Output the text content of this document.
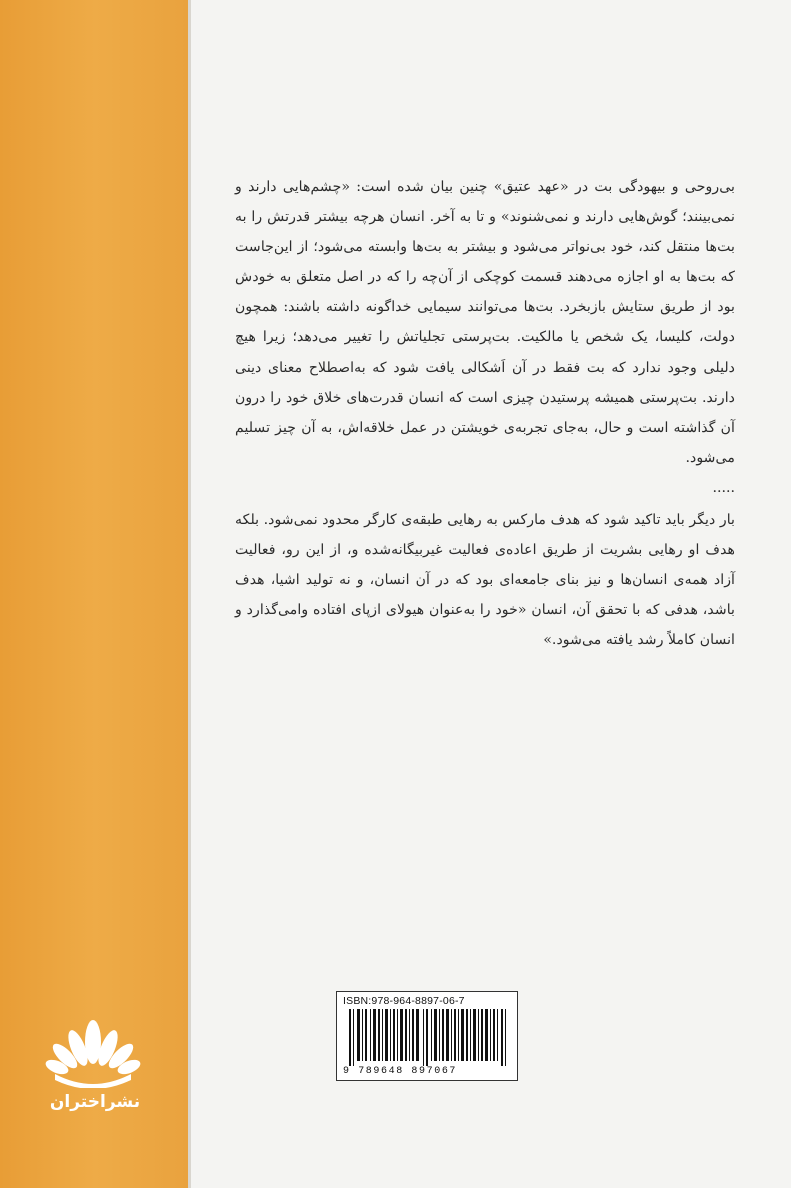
نشراختران

بی‌روحی و بیهودگی بت در «عهد عتیق» چنین بیان شده است: «چشم‌هایی دارند و نمی‌بینند؛ گوش‌هایی دارند و نمی‌شنوند» و تا به آخر. انسان هرچه بیشتر قدرتش را به بت‌ها منتقل کند، خود بی‌نواتر می‌شود و بیشتر به بت‌ها وابسته می‌شود؛ از این‌جاست که بت‌ها به او اجازه می‌دهند قسمت کوچکی از آن‌چه را که در اصل متعلق به خودش بود از طریق ستایش بازبخرد. بت‌ها می‌توانند سیمایی خداگونه داشته باشند: همچون دولت، کلیسا، یک شخص یا مالکیت. بت‌پرستی تجلیاتش را تغییر می‌دهد؛ زیرا هیچ دلیلی وجود ندارد که بت فقط در آن اَشکالی یافت شود که به‌اصطلاح معنای دینی دارند. بت‌پرستی همیشه پرستیدن چیزی است که انسان قدرت‌های خلاق خود را درون آن گذاشته است و حال، به‌جای تجربه‌ی خویشتن در عمل خلاقه‌اش، به آن چیز تسلیم می‌شود.

.....

بار دیگر باید تاکید شود که هدف مارکس به رهایی طبقه‌ی کارگر محدود نمی‌شود. بلکه هدف او رهایی بشریت از طریق اعاده‌ی فعالیت غیربیگانه‌شده و، از این رو، فعالیت آزاد همه‌ی انسان‌ها و نیز بنای جامعه‌ای بود که در آن انسان، و نه تولید اشیا، هدف باشد، هدفی که با تحقق آن، انسان «خود را به‌عنوان هیولای ازپای افتاده وامی‌گذارد و انسان کاملاً رشد یافته می‌شود.»

ISBN:978-964-8897-06-7
9 789648 897067
